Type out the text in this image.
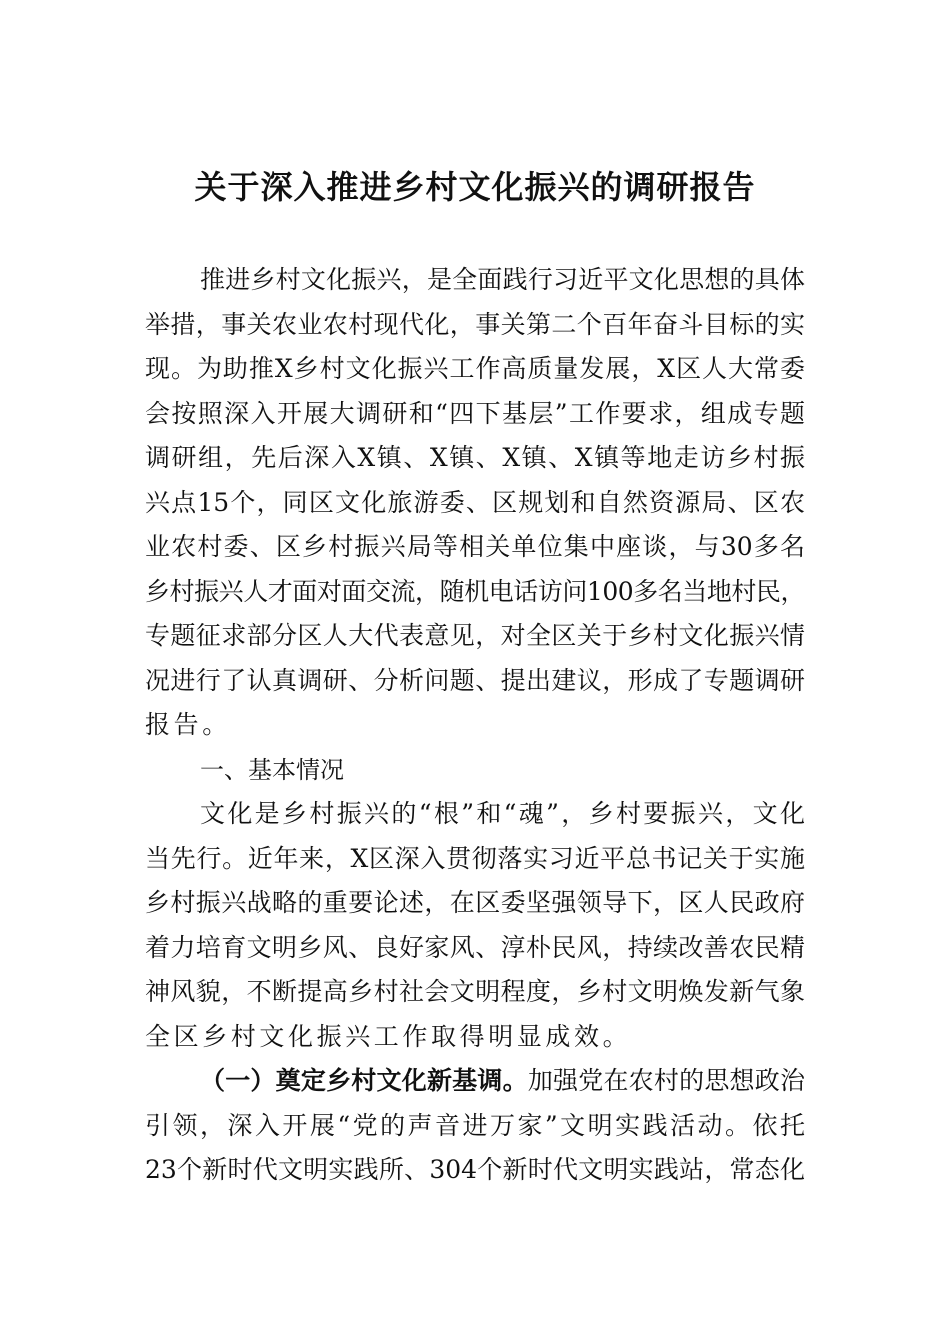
关于深入推进乡村文化振兴的调研报告
推进乡村文化振兴，是全面践行习近平文化思想的具体
举措，事关农业农村现代化，事关第二个百年奋斗目标的实
现。为助推X乡村文化振兴工作高质量发展，X区人大常委
会按照深入开展大调研和“四下基层”工作要求，组成专题
调研组，先后深入X镇、X镇、X镇、X镇等地走访乡村振
兴点15个，同区文化旅游委、区规划和自然资源局、区农
业农村委、区乡村振兴局等相关单位集中座谈，与30多名
乡村振兴人才面对面交流，随机电话访问100多名当地村民，
专题征求部分区人大代表意见，对全区关于乡村文化振兴情
况进行了认真调研、分析问题、提出建议，形成了专题调研
报告。
一、基本情况
文化是乡村振兴的“根”和“魂”，乡村要振兴，文化
当先行。近年来，X区深入贯彻落实习近平总书记关于实施
乡村振兴战略的重要论述，在区委坚强领导下，区人民政府
着力培育文明乡风、良好家风、淳朴民风，持续改善农民精
神风貌，不断提高乡村社会文明程度，乡村文明焕发新气象
全区乡村文化振兴工作取得明显成效。
（一）奠定乡村文化新基调。加强党在农村的思想政治
引领，深入开展“党的声音进万家”文明实践活动。依托
23个新时代文明实践所、304个新时代文明实践站，常态化
